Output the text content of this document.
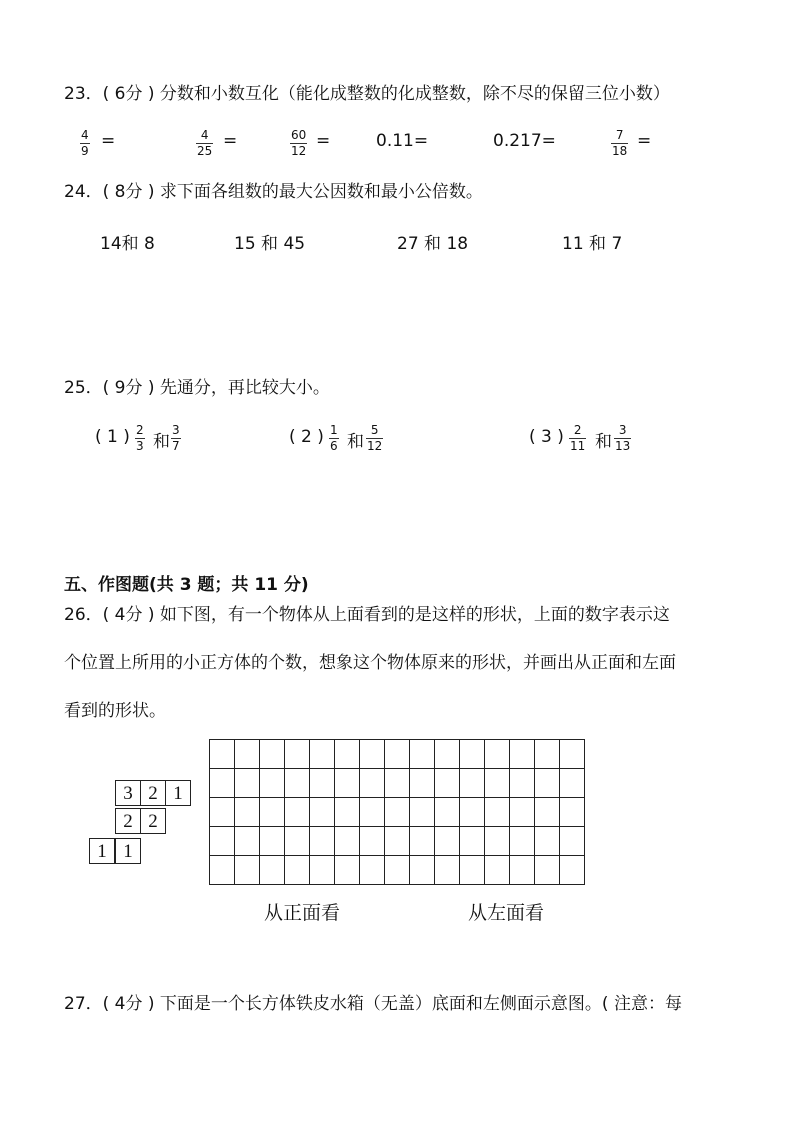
23．( 6分 ) 分数和小数互化（能化成整数的化成整数，除不尽的保留三位小数）
4
9 =	4
25 =	60
12 =	0.11=	0.217=	7
18 =
24．( 8分 ) 求下面各组数的最大公因数和最小公倍数。
14和 8	15 和 45	27 和 18	11 和 7
25．( 9分 ) 先通分，再比较大小。
( 1 ) 2
3 和
3
7	( 2 ) 1
6 和
5
12	( 3 ) 2
11 和
3
13
五、作图题(共 3 题；共 11 分)
26．( 4分 ) 如下图，有一个物体从上面看到的是这样的形状，上面的数字表示这
个位置上所用的小正方体的个数，想象这个物体原来的形状，并画出从正面和左面
看到的形状。
3 2 1
2 2
1 1

从正面看	从左面看
27．( 4分 ) 下面是一个长方体铁皮水箱（无盖）底面和左侧面示意图。( 注意：每
